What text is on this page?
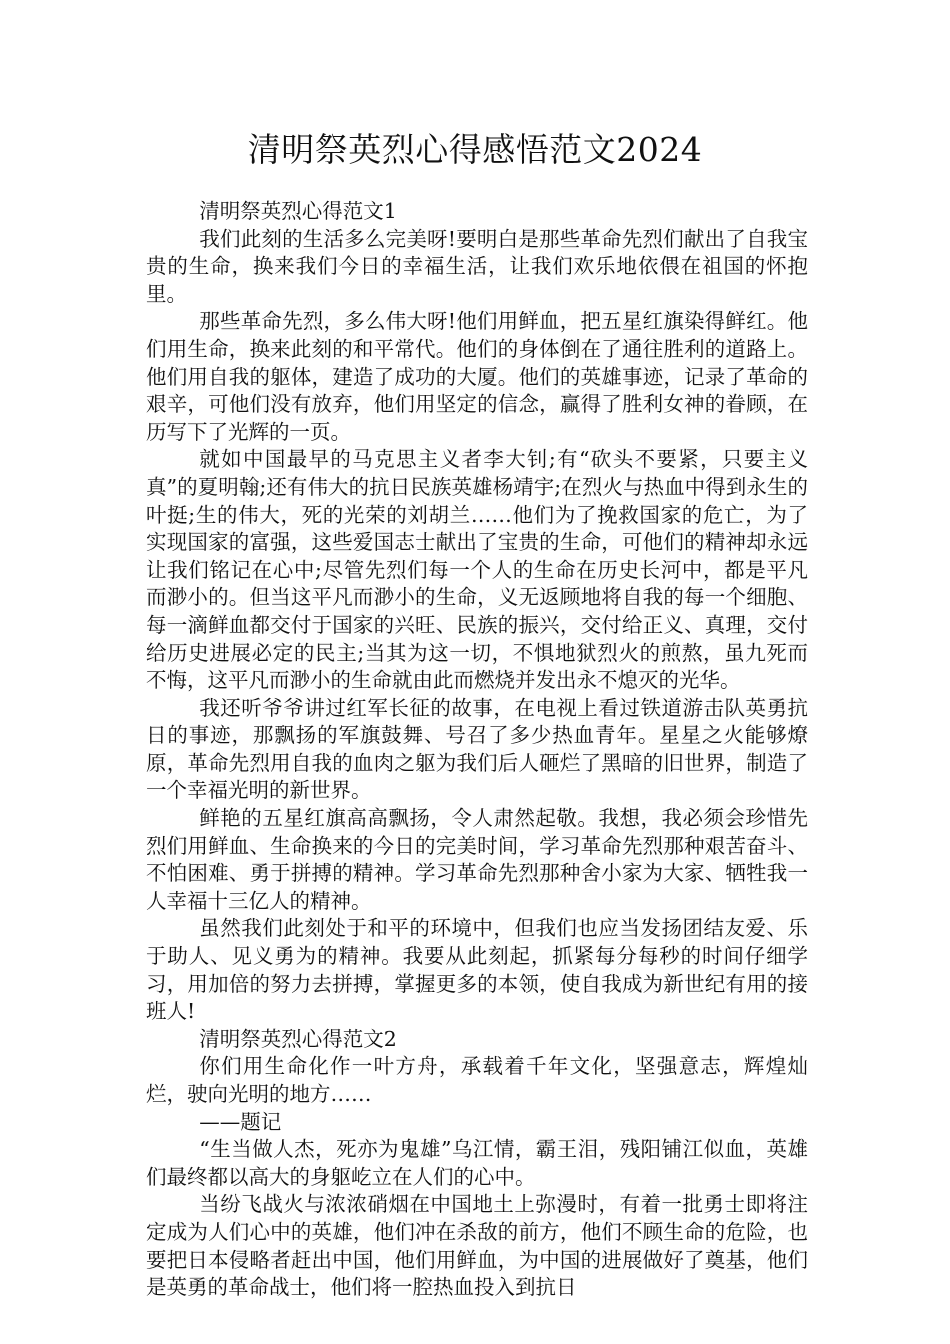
清明祭英烈心得感悟范文2024

清明祭英烈心得范文1

我们此刻的生活多么完美呀!要明白是那些革命先烈们献出了自我宝贵的生命，换来我们今日的幸福生活，让我们欢乐地依偎在祖国的怀抱里。

那些革命先烈，多么伟大呀!他们用鲜血，把五星红旗染得鲜红。他们用生命，换来此刻的和平常代。他们的身体倒在了通往胜利的道路上。他们用自我的躯体，建造了成功的大厦。他们的英雄事迹，记录了革命的艰辛，可他们没有放弃，他们用坚定的信念，赢得了胜利女神的眷顾，在历写下了光辉的一页。

就如中国最早的马克思主义者李大钊;有“砍头不要紧，只要主义真”的夏明翰;还有伟大的抗日民族英雄杨靖宇;在烈火与热血中得到永生的叶挺;生的伟大，死的光荣的刘胡兰……他们为了挽救国家的危亡，为了实现国家的富强，这些爱国志士献出了宝贵的生命，可他们的精神却永远让我们铭记在心中;尽管先烈们每一个人的生命在历史长河中，都是平凡而渺小的。但当这平凡而渺小的生命，义无返顾地将自我的每一个细胞、每一滴鲜血都交付于国家的兴旺、民族的振兴，交付给正义、真理，交付给历史进展必定的民主;当其为这一切，不惧地狱烈火的煎熬，虽九死而不悔，这平凡而渺小的生命就由此而燃烧并发出永不熄灭的光华。

我还听爷爷讲过红军长征的故事，在电视上看过铁道游击队英勇抗日的事迹，那飘扬的军旗鼓舞、号召了多少热血青年。星星之火能够燎原，革命先烈用自我的血肉之躯为我们后人砸烂了黑暗的旧世界，制造了一个幸福光明的新世界。

鲜艳的五星红旗高高飘扬，令人肃然起敬。我想，我必须会珍惜先烈们用鲜血、生命换来的今日的完美时间，学习革命先烈那种艰苦奋斗、不怕困难、勇于拼搏的精神。学习革命先烈那种舍小家为大家、牺牲我一人幸福十三亿人的精神。

虽然我们此刻处于和平的环境中，但我们也应当发扬团结友爱、乐于助人、见义勇为的精神。我要从此刻起，抓紧每分每秒的时间仔细学习，用加倍的努力去拼搏，掌握更多的本领，使自我成为新世纪有用的接班人!

清明祭英烈心得范文2

你们用生命化作一叶方舟，承载着千年文化，坚强意志，辉煌灿烂，驶向光明的地方……

——题记

“生当做人杰，死亦为鬼雄”乌江情，霸王泪，残阳铺江似血，英雄们最终都以高大的身躯屹立在人们的心中。

当纷飞战火与浓浓硝烟在中国地土上弥漫时，有着一批勇士即将注定成为人们心中的英雄，他们冲在杀敌的前方，他们不顾生命的危险，也要把日本侵略者赶出中国，他们用鲜血，为中国的进展做好了奠基，他们是英勇的革命战士，他们将一腔热血投入到抗日
